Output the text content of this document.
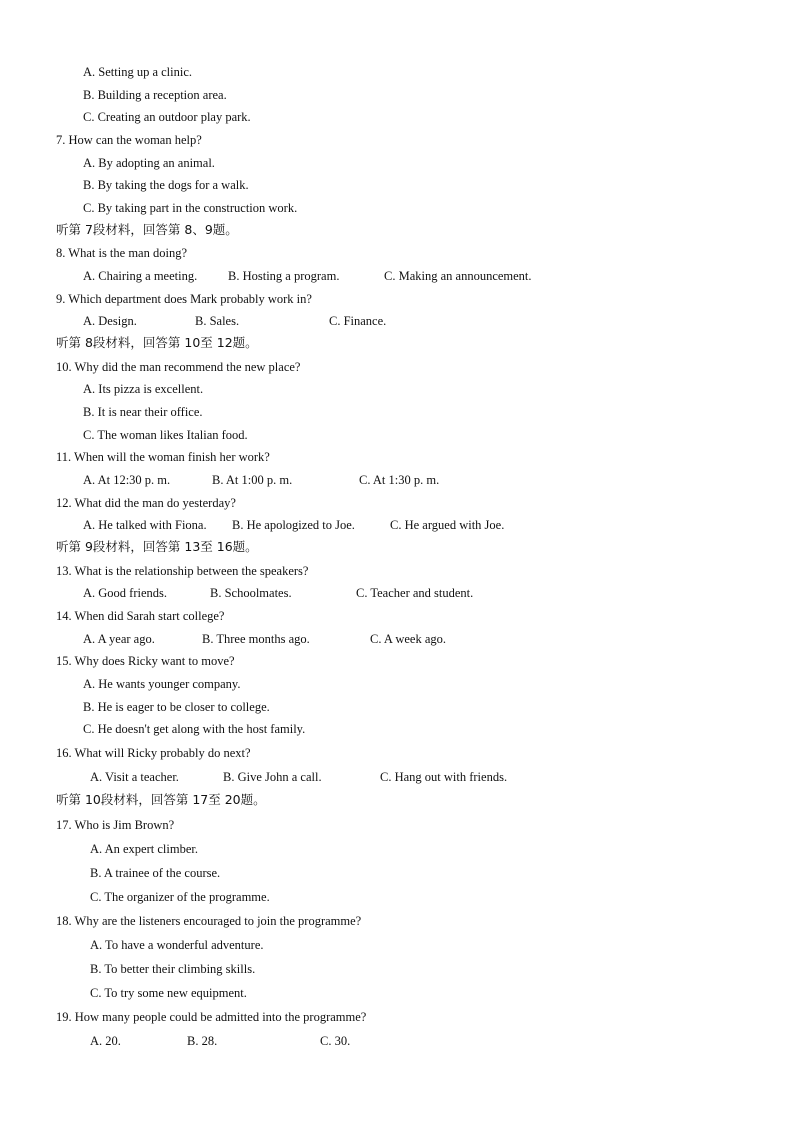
A. Setting up a clinic.
B. Building a reception area.
C. Creating an outdoor play park.
7. How can the woman help?
A. By adopting an animal.
B. By taking the dogs for a walk.
C. By taking part in the construction work.
听第 7段材料，回答第 8、9题。
8. What is the man doing?
A. Chairing a meeting. B. Hosting a program.	C. Making an announcement.
9. Which department does Mark probably work in?
A. Design.	B. Sales.	C. Finance.
听第 8段材料，回答第 10至 12题。
10. Why did the man recommend the new place?
A. Its pizza is excellent.
B. It is near their office.
C. The woman likes Italian food.
11. When will the woman finish her work?
A. At 12:30 p. m.	B. At 1:00 p. m.	C. At 1:30 p. m.
12. What did the man do yesterday?
A. He talked with Fiona. B. He apologized to Joe.	C. He argued with Joe.
听第 9段材料，回答第 13至 16题。
13. What is the relationship between the speakers?
A. Good friends.	B. Schoolmates.	C. Teacher and student.
14. When did Sarah start college?
A. A year ago.	B. Three months ago.	C. A week ago.
15. Why does Ricky want to move?
A. He wants younger company.
B. He is eager to be closer to college.
C. He doesn't get along with the host family.
16. What will Ricky probably do next?
A. Visit a teacher.	B. Give John a call.	C. Hang out with friends.
听第 10段材料，回答第 17至 20题。
17. Who is Jim Brown?
A. An expert climber.
B. A trainee of the course.
C. The organizer of the programme.
18. Why are the listeners encouraged to join the programme?
A. To have a wonderful adventure.
B. To better their climbing skills.
C. To try some new equipment.
19. How many people could be admitted into the programme?
A. 20.	B. 28.	C. 30.
